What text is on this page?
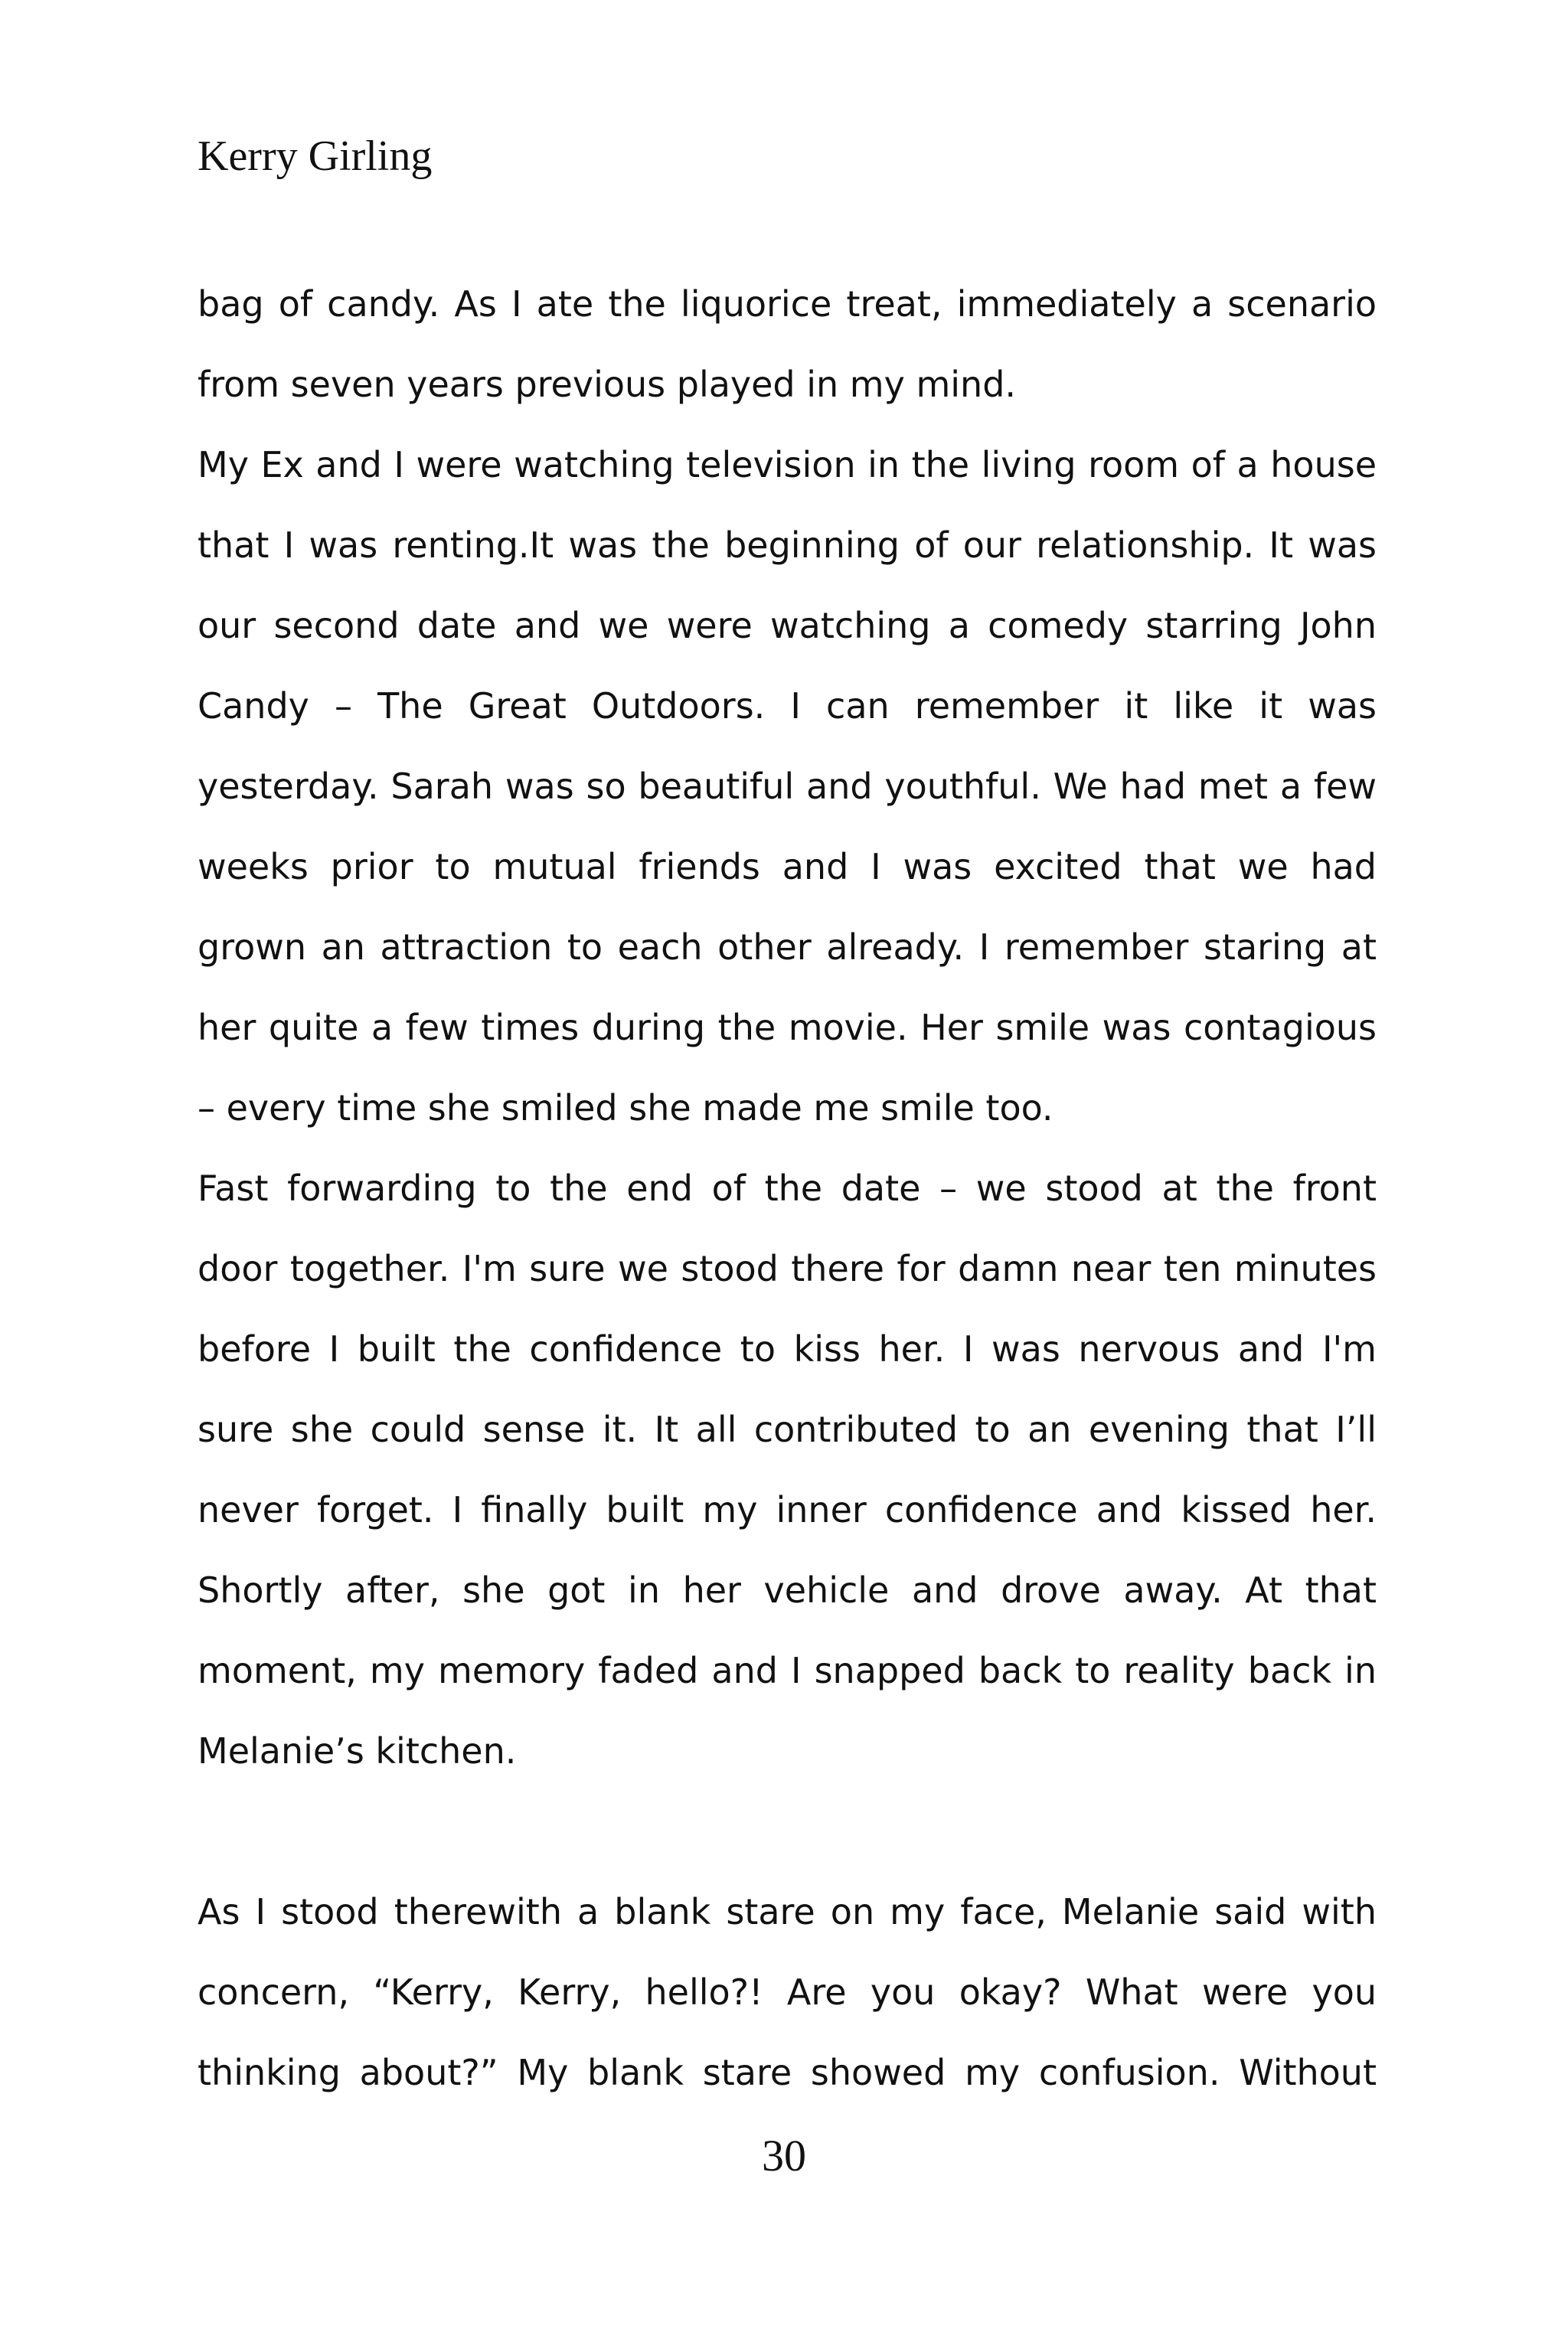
Kerry Girling
bag of candy. As I ate the liquorice treat, immediately a scenario
from seven years previous played in my mind.
My Ex and I were watching television in the living room of a house
that I was renting.It was the beginning of our relationship. It was
our second date and we were watching a comedy starring John
Candy – The Great Outdoors. I can remember it like it was
yesterday. Sarah was so beautiful and youthful. We had met a few
weeks prior to mutual friends and I was excited that we had
grown an attraction to each other already. I remember staring at
her quite a few times during the movie. Her smile was contagious
– every time she smiled she made me smile too.
Fast forwarding to the end of the date – we stood at the front
door together. I'm sure we stood there for damn near ten minutes
before I built the confidence to kiss her. I was nervous and I'm
sure she could sense it. It all contributed to an evening that I’ll
never forget. I finally built my inner confidence and kissed her.
Shortly after, she got in her vehicle and drove away. At that
moment, my memory faded and I snapped back to reality back in
Melanie’s kitchen.
As I stood therewith a blank stare on my face, Melanie said with
concern, “Kerry, Kerry, hello?! Are you okay? What were you
thinking about?” My blank stare showed my confusion. Without
30
